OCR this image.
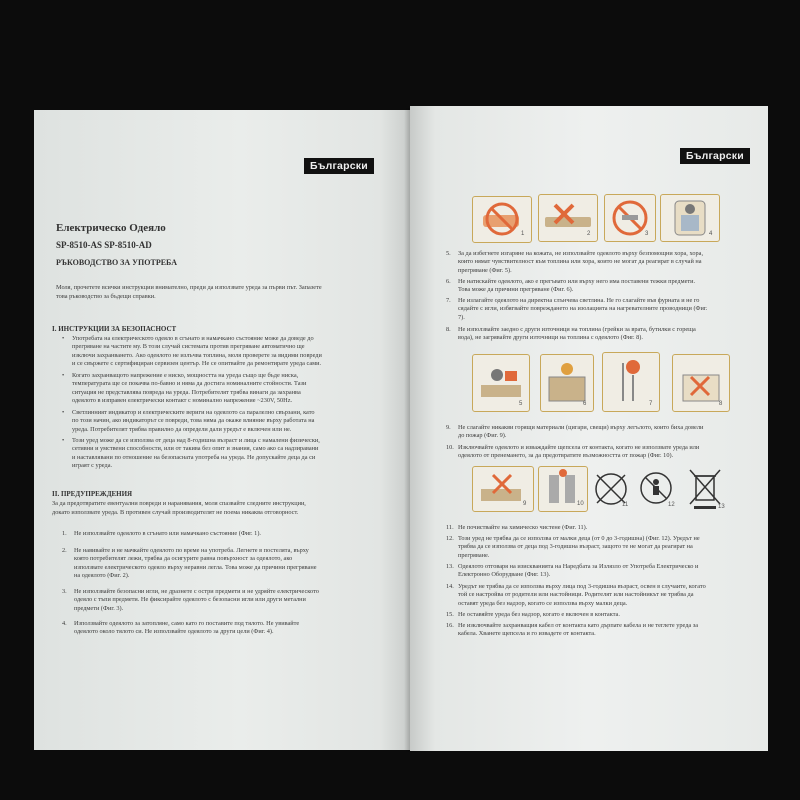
Български
Електрическо Одеяло
SP-8510-AS SP-8510-AD
РЪКОВОДСТВО ЗА УПОТРЕБА
Моля, прочетете всички инструкции внимателно, преди да използвате уреда за първи път. Запазете
това ръководство за бъдещи справки.
I. ИНСТРУКЦИИ ЗА БЕЗОПАСНОСТ
• Употребата на електрическото одеяло в сгънато и намачкано състояние може да доведе до
прегряване на частите му. В този случай системата против прегряване автоматично ще
изключи захранването. Ако одеялото не излъчва топлина, моля проверете за видими повреди
и се свържете с сертифициран сервизен център. Не се опитвайте да ремонтирате уреда сами.
• Когато захранващото напрежение е ниско, мощността на уреда също ще бъде ниска,
температурата ще се покачва по-бавно и няма да достига номиналните стойности. Тази
ситуация не представлява повреда на уреда. Потребителят трябва винаги да захранва
одеялото в изправен електрически контакт с номинално напрежение ~230V, 50Hz.
• Светлинният индикатор и електрическите вериги на одеялото са паралелно свързани, като
по този начин, ако индикаторът се повреди, това няма да окаже влияние върху работата на
уреда. Потребителят трябва правилно да определи дали уредът е включен или не.
• Този уред може да се използва от деца над 8-годишна възраст и лица с намалени физически,
сетивни и умствени способности, или от такива без опит и знания, само ако са надзиравани
и наставлявани по отношение на безопасната употреба на уреда. Не допускайте деца да си
играят с уреда.
II. ПРЕДУПРЕЖДЕНИЯ
За да предотвратите евентуални повреди и наранявания, моля спазвайте следните инструкции,
докато използвате уреда. В противен случай производителят не поема никаква отговорност.
1. Не използвайте одеялото в сгънато или намачкано състояние (Фиг. 1).
2. Не навивайте и не мачкайте одеялото по време на употреба. Легнете в постелята, върху
която потребителят лежи, трябва да осигурите равна повърхност за одеялото, ако
използвате електрическото одеяло върху неравни легла. Това може да причини прегряване
на одеялото (Фиг. 2).
3. Не използвайте безопасни игли, не дразнете с остри предмети и не удряйте електрическото
одеяло с тъпи предмети. Не фиксирайте одеялото с безопасни игли или други метални
предмети (Фиг. 3).
4. Използвайте одеялото за затопляне, само като го поставите под тялото. Не увивайте
одеялото около тялото си. Не използвайте одеялото за други цели (Фиг. 4).
Български
1	2	3	4
5. За да избегнете изгаряне на кожата, не използвайте одеялото върху безпомощни хора, хора,
които нямат чувствителност към топлина или хора, които не могат да реагират в случай на
прегряване (Фиг. 5).
6. Не натискайте одеялото, ако е прегъвато или върху него има поставени тежки предмети.
Това може да причини прегряване (Фиг. 6).
7. Не излагайте одеялото на директна слънчева светлина. Не го слагайте във фурната и не го
сядайте с игли, избягвайте повреждането на изолацията на нагревателните проводници (Фиг.
7).
8. Не използвайте заедно с други източници на топлина (грейки за врата, бутилки с гореща
вода), не загрявайте други източници на топлина с одеялото (Фиг. 8).
5	6	7	8
9. Не слагайте никакви горящи материали (цигари, свещи) върху легълото, които биха довели
до пожар (Фиг. 9).
10. Изключвайте одеялото и изваждайте щепсела от контакта, когато не използвате уреда или
одеялото от пренемането, за да предотвратите възможността от пожар (Фиг. 10).
9	10	11	12	13
11. Не почиствайте на химическо чистене (Фиг. 11).
12. Този уред не трябва да се използва от малки деца (от 0 до 3-годишна) (Фиг. 12). Уредът не
трябва да се използва от деца под 3-годишна възраст, защото те не могат да реагират на
прегряване.
13. Одеялото отговаря на изискванията на Наредбата за Излязло от Употреба Електрическо и
Електронно Оборудване (Фиг. 13).
14. Уредът не трябва да се използва върху лица под 3-годишна възраст, освен в случаите, когато
той се настройва от родители или настойници. Родителят или настойникът не трябва да
оставят уреда без надзор, когато се използва върху малки деца.
15. Не оставяйте уреда без надзор, когато е включен в контакта.
16. Не изключвайте захранващия кабел от контакта като дърпате кабела и не теглете уреда за
кабела. Хванете щепсела и го извадете от контакта.
